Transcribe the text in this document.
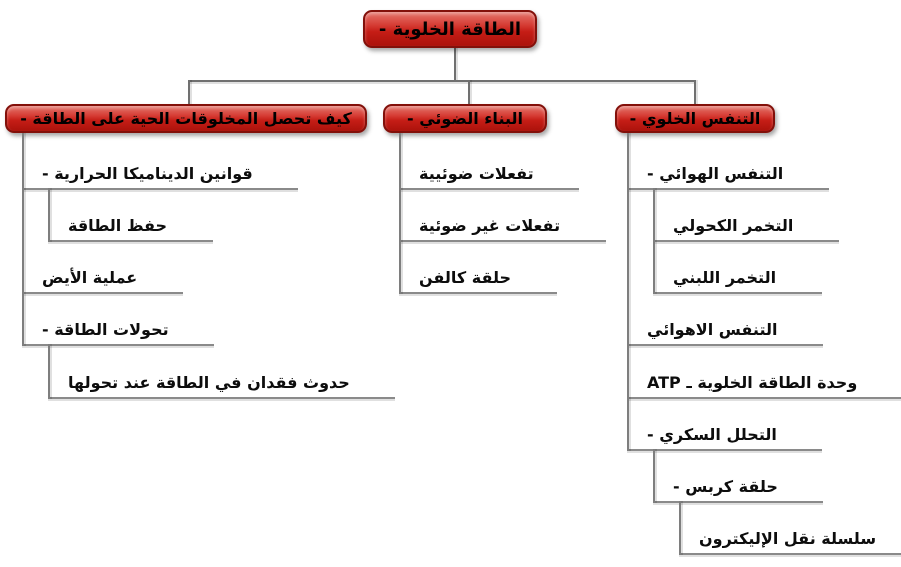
الطاقة الخلوية -
كيف تحصل المخلوقات الحية على الطاقة -
قوانين الديناميكا الحرارية -
حفظ الطاقة
عملية الأيض
تحولات الطاقة -
حدوث فقدان في الطاقة عند تحولها
البناء الضوئي -
تفعلات ضوئيية
تفعلات غير ضوئية
حلقة كالفن
التنفس الخلوي -
التنفس الهوائي -
التخمر الكحولي
التخمر اللبني
التنفس الاهوائي
وحدة الطاقة الخلوية ـ ATP
التحلل السكري -
حلقة كربس -
سلسلة نقل الإليكترون
